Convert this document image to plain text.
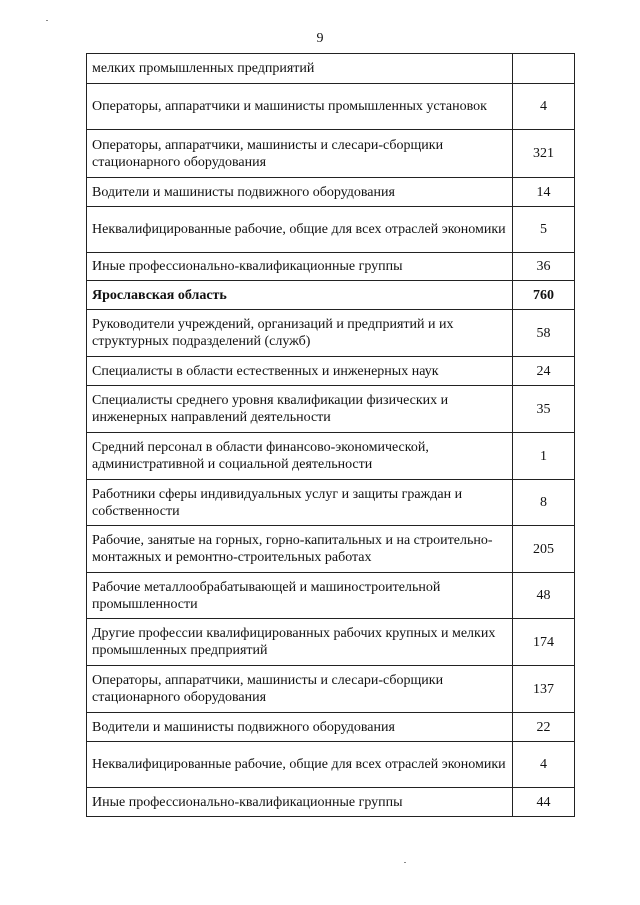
9
мелких промышленных предприятий	
Операторы, аппаратчики и машинисты промышленных установок	4
Операторы, аппаратчики, машинисты и слесари-сборщики стационарного оборудования	321
Водители и машинисты подвижного оборудования	14
Неквалифицированные рабочие, общие для всех отраслей экономики	5
Иные профессионально-квалификационные группы	36
Ярославская область	760
Руководители учреждений, организаций и предприятий и их структурных подразделений (служб)	58
Специалисты в области естественных и инженерных наук	24
Специалисты среднего уровня квалификации физических и инженерных направлений деятельности	35
Средний персонал в области финансово-экономической, административной и социальной деятельности	1
Работники сферы индивидуальных услуг и защиты граждан и собственности	8
Рабочие, занятые на горных, горно-капитальных и на строительно-монтажных и ремонтно-строительных работах	205
Рабочие металлообрабатывающей и машиностроительной промышленности	48
Другие профессии квалифицированных рабочих крупных и мелких промышленных предприятий	174
Операторы, аппаратчики, машинисты и слесари-сборщики стационарного оборудования	137
Водители и машинисты подвижного оборудования	22
Неквалифицированные рабочие, общие для всех отраслей экономики	4
Иные профессионально-квалификационные группы	44
